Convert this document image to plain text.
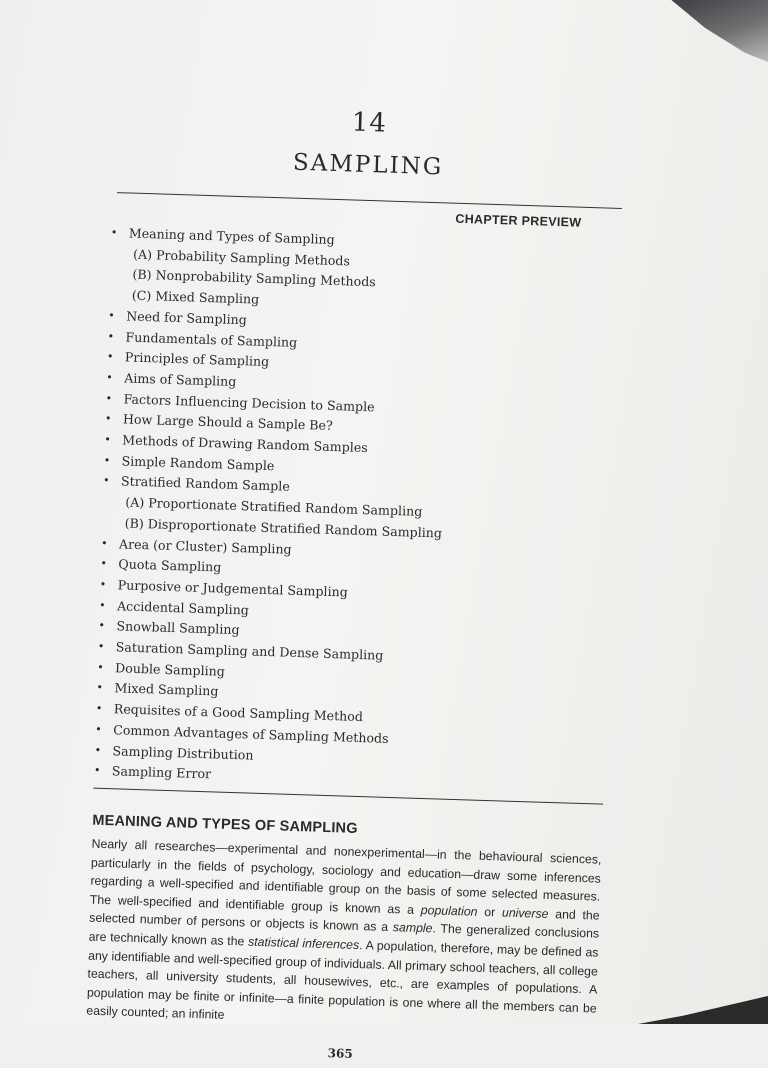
14
SAMPLING
CHAPTER PREVIEW
• Meaning and Types of Sampling
(A) Probability Sampling Methods
(B) Nonprobability Sampling Methods
(C) Mixed Sampling
• Need for Sampling
• Fundamentals of Sampling
• Principles of Sampling
• Aims of Sampling
• Factors Influencing Decision to Sample
• How Large Should a Sample Be?
• Methods of Drawing Random Samples
• Simple Random Sample
• Stratified Random Sample
(A) Proportionate Stratified Random Sampling
(B) Disproportionate Stratified Random Sampling
• Area (or Cluster) Sampling
• Quota Sampling
• Purposive or Judgemental Sampling
• Accidental Sampling
• Snowball Sampling
• Saturation Sampling and Dense Sampling
• Double Sampling
• Mixed Sampling
• Requisites of a Good Sampling Method
• Common Advantages of Sampling Methods
• Sampling Distribution
• Sampling Error
MEANING AND TYPES OF SAMPLING

Nearly all researches—experimental and nonexperimental—in the behavioural sciences, particularly in the fields of psychology, sociology and education—draw some inferences regarding a well-specified and identifiable group on the basis of some selected measures. The well-specified and identifiable group is known as a population or universe and the selected number of persons or objects is known as a sample. The generalized conclusions are technically known as the statistical inferences. A population, therefore, may be defined as any identifiable and well-specified group of individuals. All primary school teachers, all college teachers, all university students, all housewives, etc., are examples of populations. A population may be finite or infinite—a finite population is one where all the members can be easily counted; an infinite

365
